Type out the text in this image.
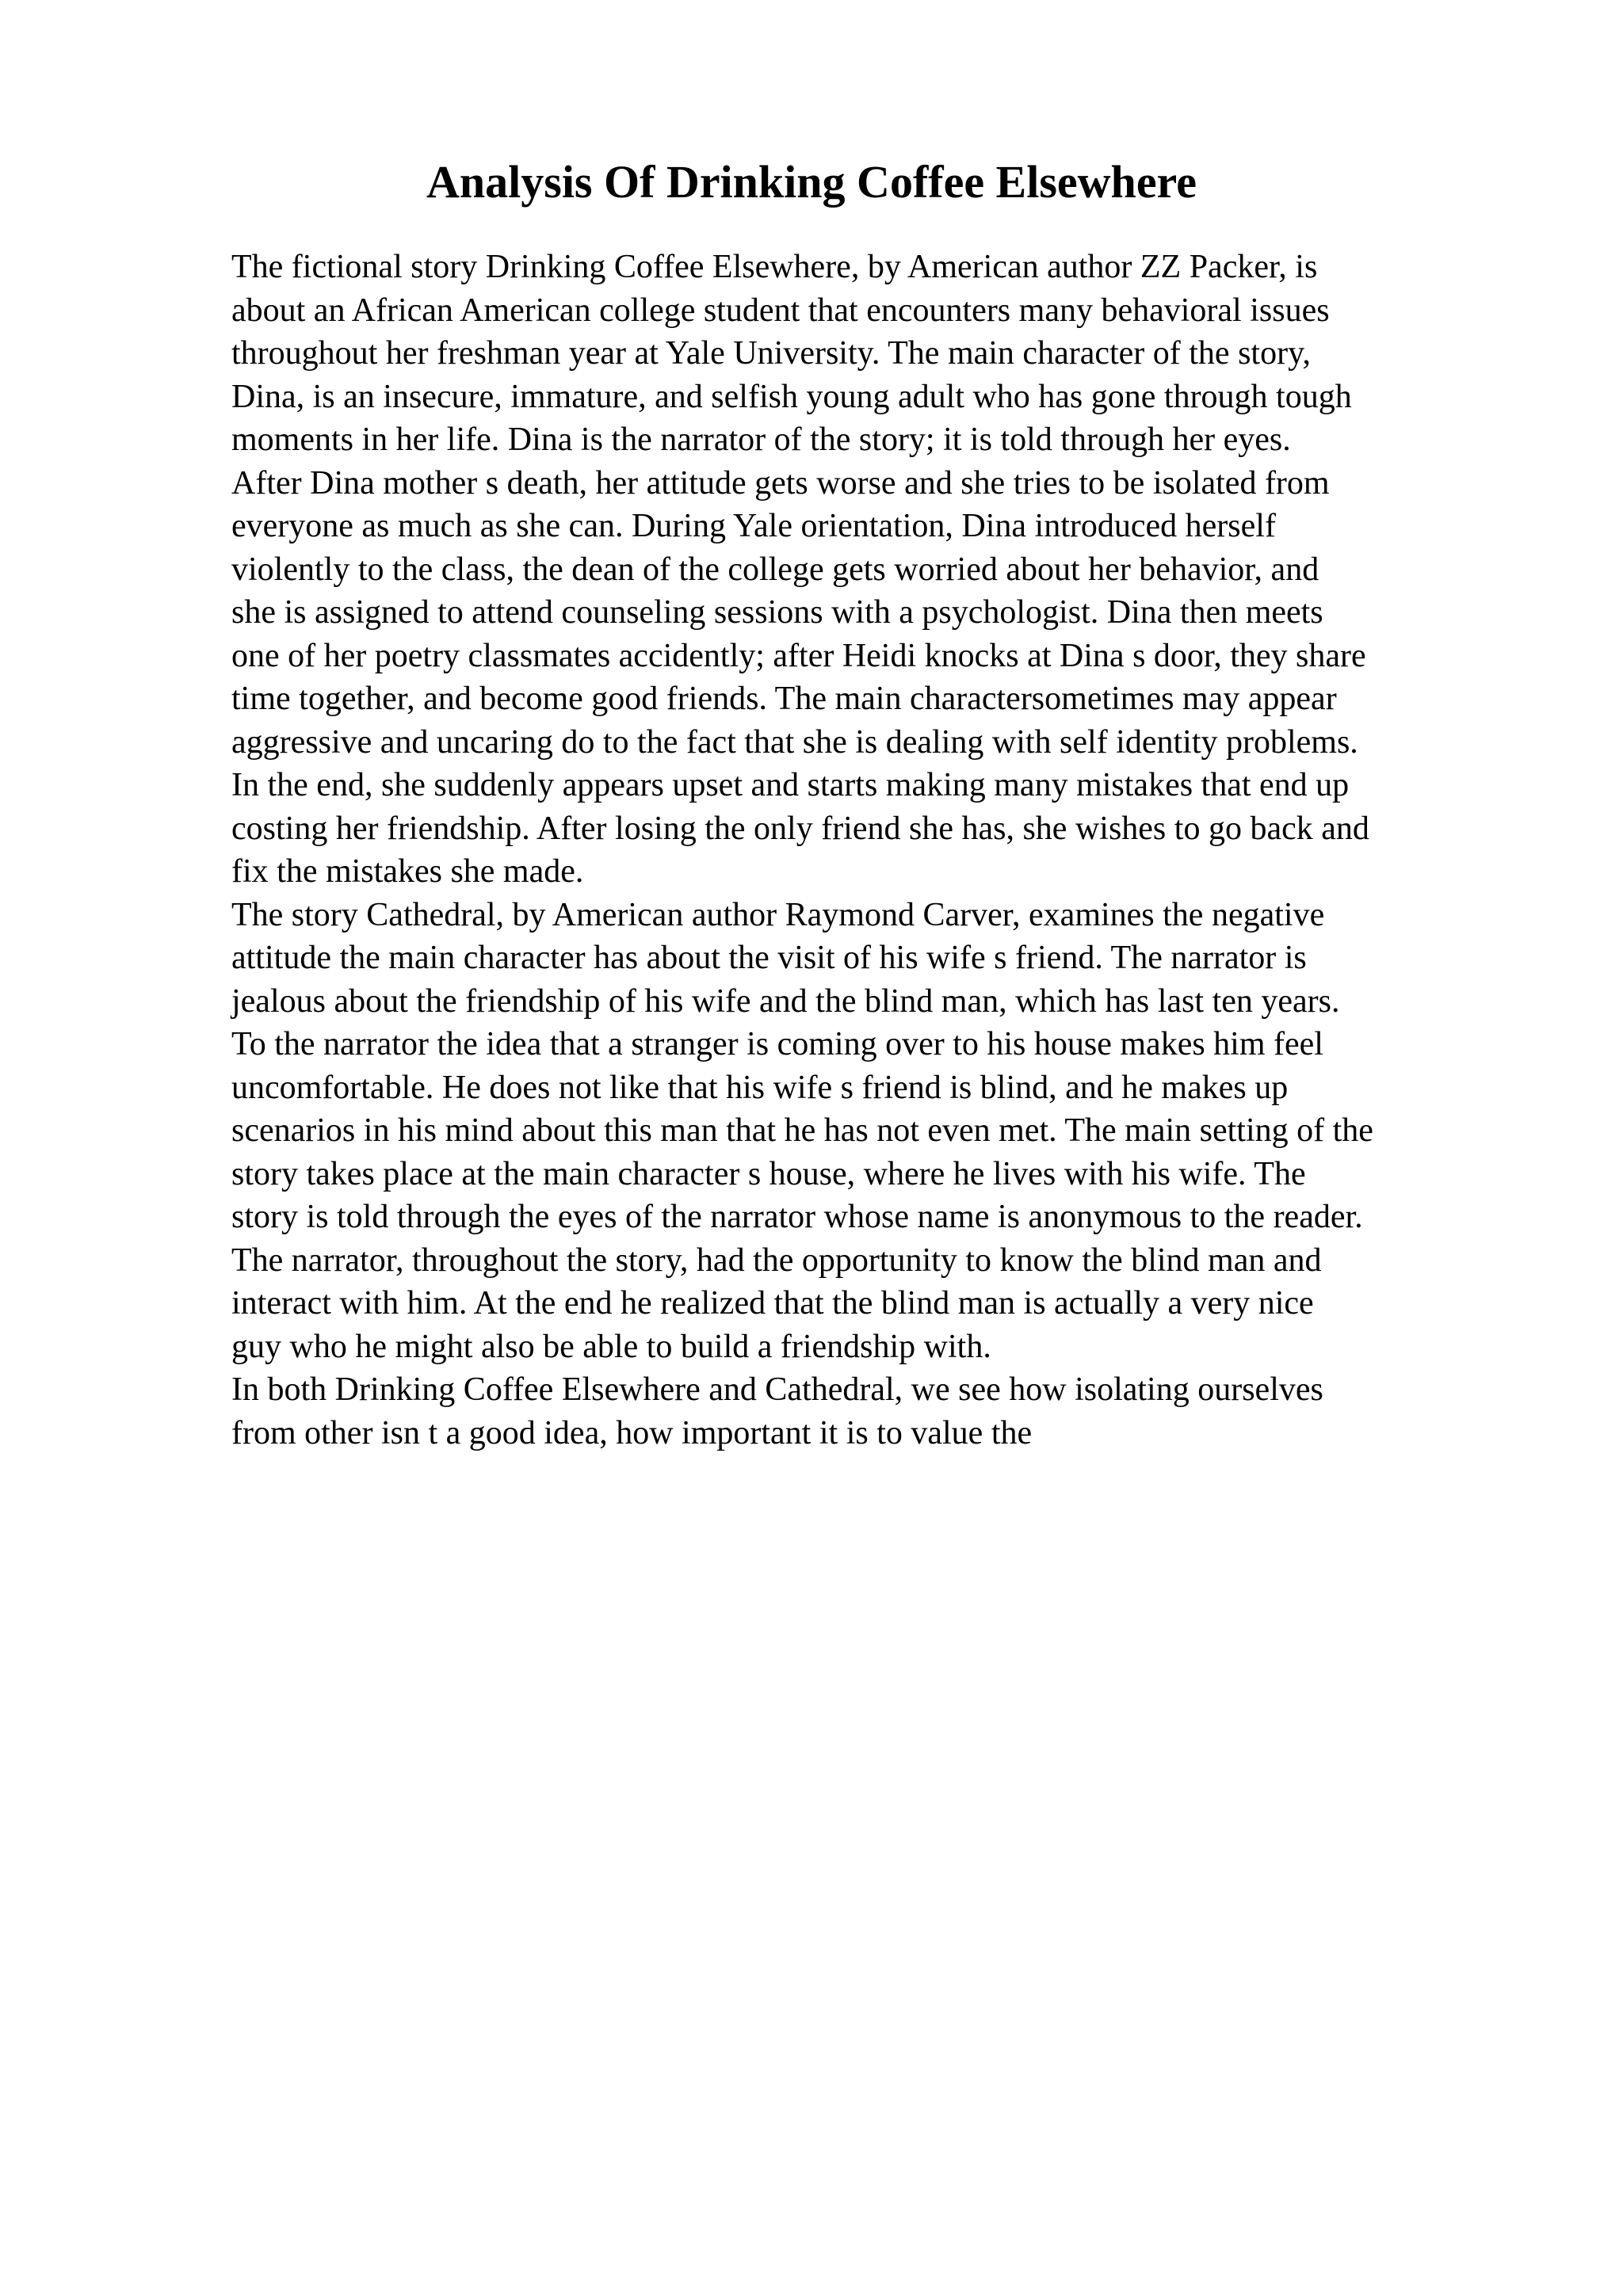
Analysis Of Drinking Coffee Elsewhere
The fictional story Drinking Coffee Elsewhere, by American author ZZ Packer, is
about an African American college student that encounters many behavioral issues
throughout her freshman year at Yale University. The main character of the story,
Dina, is an insecure, immature, and selfish young adult who has gone through tough
moments in her life. Dina is the narrator of the story; it is told through her eyes.
After Dina mother s death, her attitude gets worse and she tries to be isolated from
everyone as much as she can. During Yale orientation, Dina introduced herself
violently to the class, the dean of the college gets worried about her behavior, and
she is assigned to attend counseling sessions with a psychologist. Dina then meets
one of her poetry classmates accidently; after Heidi knocks at Dina s door, they share
time together, and become good friends. The main charactersometimes may appear
aggressive and uncaring do to the fact that she is dealing with self identity problems.
In the end, she suddenly appears upset and starts making many mistakes that end up
costing her friendship. After losing the only friend she has, she wishes to go back and
fix the mistakes she made.
The story Cathedral, by American author Raymond Carver, examines the negative
attitude the main character has about the visit of his wife s friend. The narrator is
jealous about the friendship of his wife and the blind man, which has last ten years.
To the narrator the idea that a stranger is coming over to his house makes him feel
uncomfortable. He does not like that his wife s friend is blind, and he makes up
scenarios in his mind about this man that he has not even met. The main setting of the
story takes place at the main character s house, where he lives with his wife. The
story is told through the eyes of the narrator whose name is anonymous to the reader.
The narrator, throughout the story, had the opportunity to know the blind man and
interact with him. At the end he realized that the blind man is actually a very nice
guy who he might also be able to build a friendship with.
In both Drinking Coffee Elsewhere and Cathedral, we see how isolating ourselves
from other isn t a good idea, how important it is to value the
